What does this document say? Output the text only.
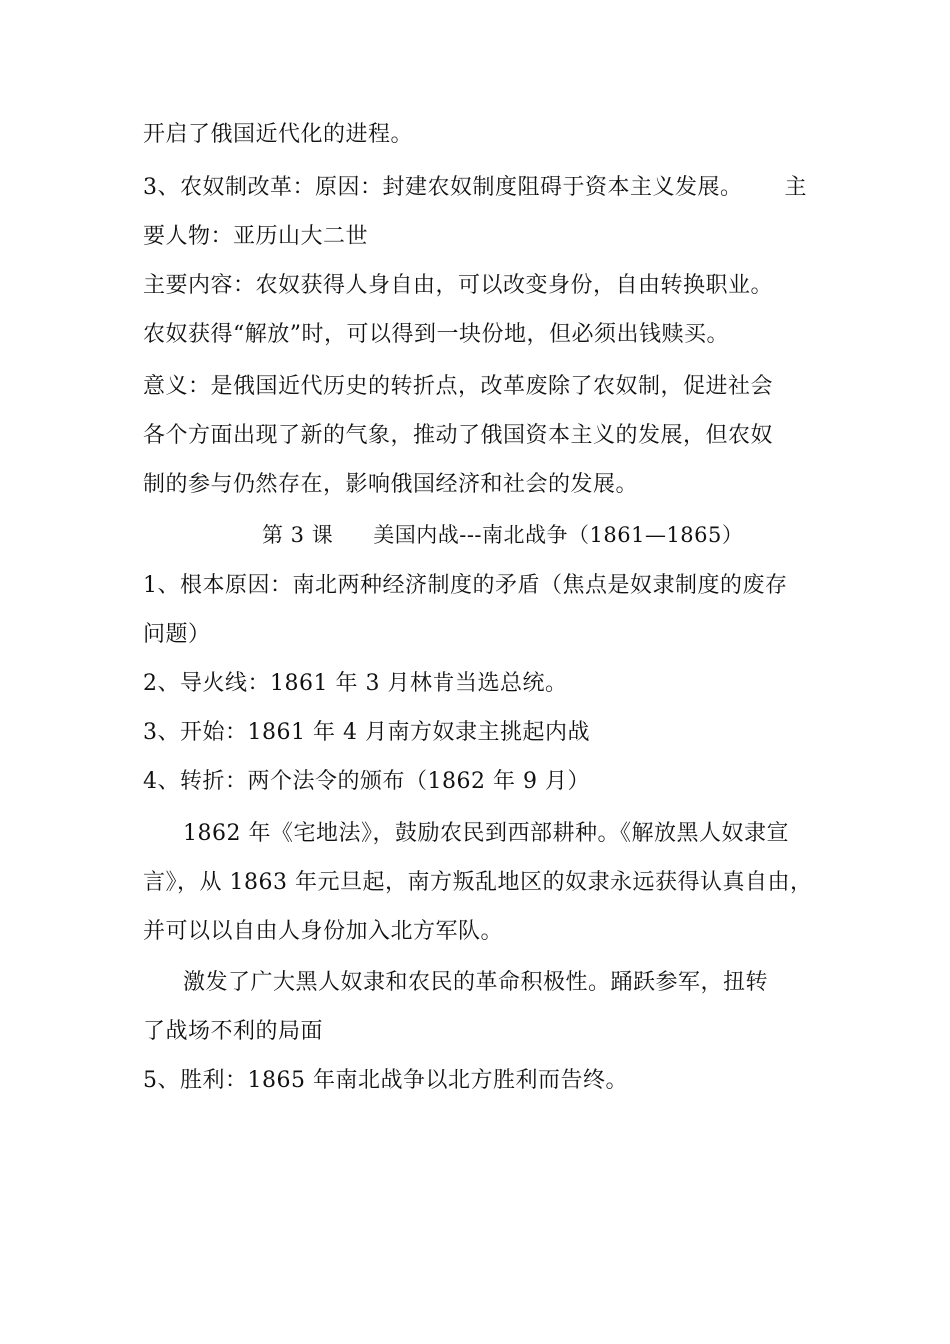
开启了俄国近代化的进程。
3、农奴制改革：原因：封建农奴制度阻碍于资本主义发展。 主
要人物：亚历山大二世
主要内容：农奴获得人身自由，可以改变身份，自由转换职业。
农奴获得“解放”时，可以得到一块份地，但必须出钱赎买。
意义：是俄国近代历史的转折点，改革废除了农奴制，促进社会
各个方面出现了新的气象，推动了俄国资本主义的发展，但农奴
制的参与仍然存在，影响俄国经济和社会的发展。
第 3 课 美国内战---南北战争（1861—1865）
1、根本原因：南北两种经济制度的矛盾（焦点是奴隶制度的废存
问题）
2、导火线：1861 年 3 月林肯当选总统。
3、开始：1861 年 4 月南方奴隶主挑起内战
4、转折：两个法令的颁布（1862 年 9 月）
1862 年《宅地法》，鼓励农民到西部耕种。《解放黑人奴隶宣
言》，从 1863 年元旦起，南方叛乱地区的奴隶永远获得认真自由，
并可以以自由人身份加入北方军队。
激发了广大黑人奴隶和农民的革命积极性。踊跃参军，扭转
了战场不利的局面
5、胜利：1865 年南北战争以北方胜利而告终。
